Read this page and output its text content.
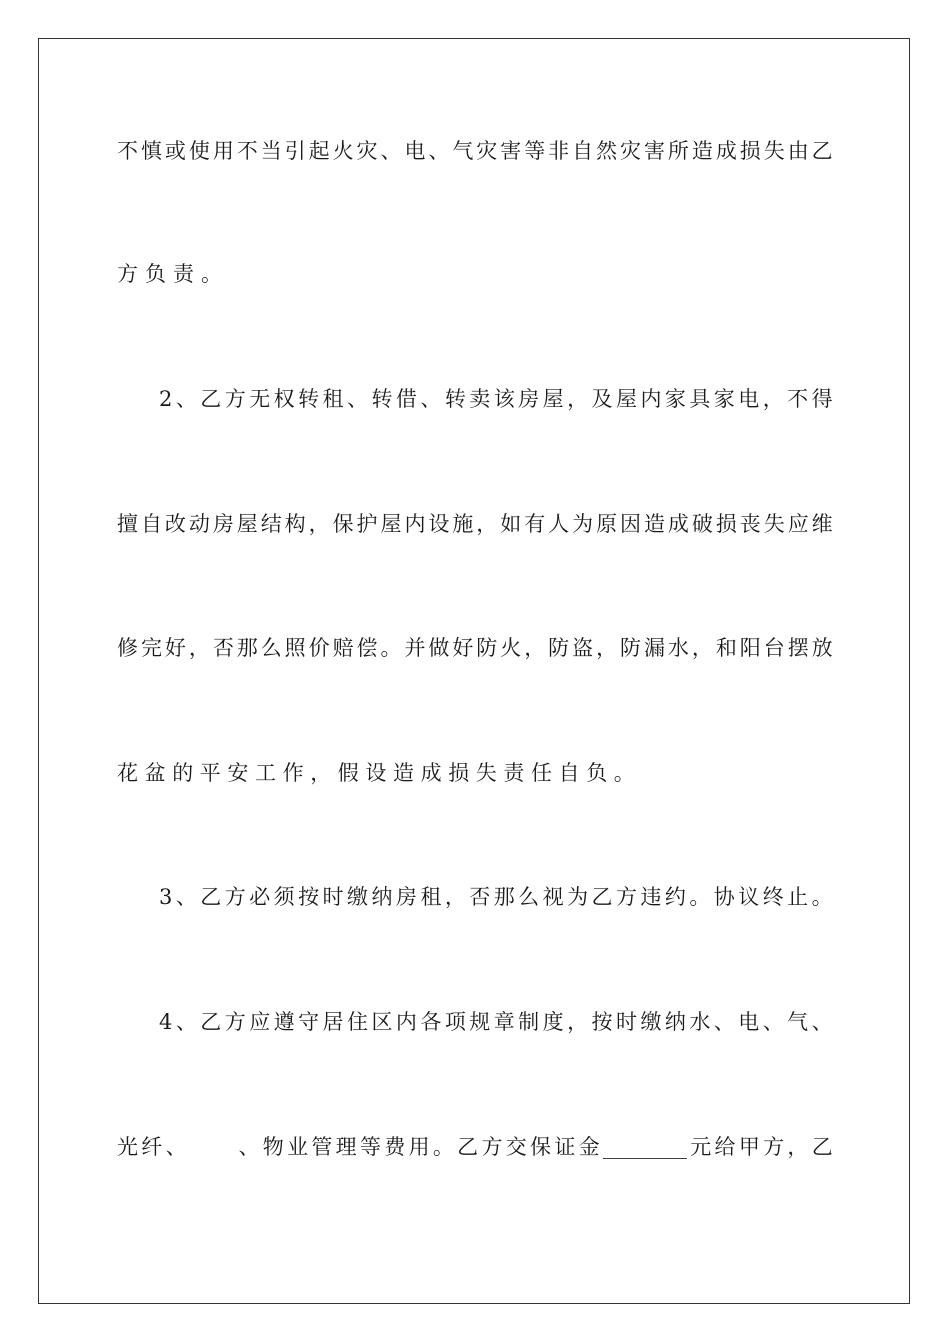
不 慎 或 使 用 不 当 引 起 火 灾 、 电 、 气 灾 害 等 非 自 然 灾 害 所 造 成 损 失 由 乙
方负责。
2 、 乙 方 无 权 转 租 、 转 借 、 转 卖 该 房 屋 ， 及 屋 内 家 具 家 电 ， 不 得
擅 自 改 动 房 屋 结 构 ， 保 护 屋 内 设 施 ， 如 有 人 为 原 因 造 成 破 损 丧 失 应 维
修 完 好 ， 否 那 么 照 价 赔 偿 。 并 做 好 防 火 ， 防 盗 ， 防 漏 水 ， 和 阳 台 摆 放
花盆的平安工作，假设造成损失责任自负。
3 、 乙 方 必 须 按 时 缴 纳 房 租 ， 否 那 么 视 为 乙 方 违 约 。 协 议 终 止 。
4 、 乙 方 应 遵 守 居 住 区 内 各 项 规 章 制 度 ， 按 时 缴 纳 水 、 电 、 气 、
光 纤 、

　 、 物 业 管 理 等 费 用 。 乙 方 交 保 证 金 ________ 元 给 甲 方 ， 乙
